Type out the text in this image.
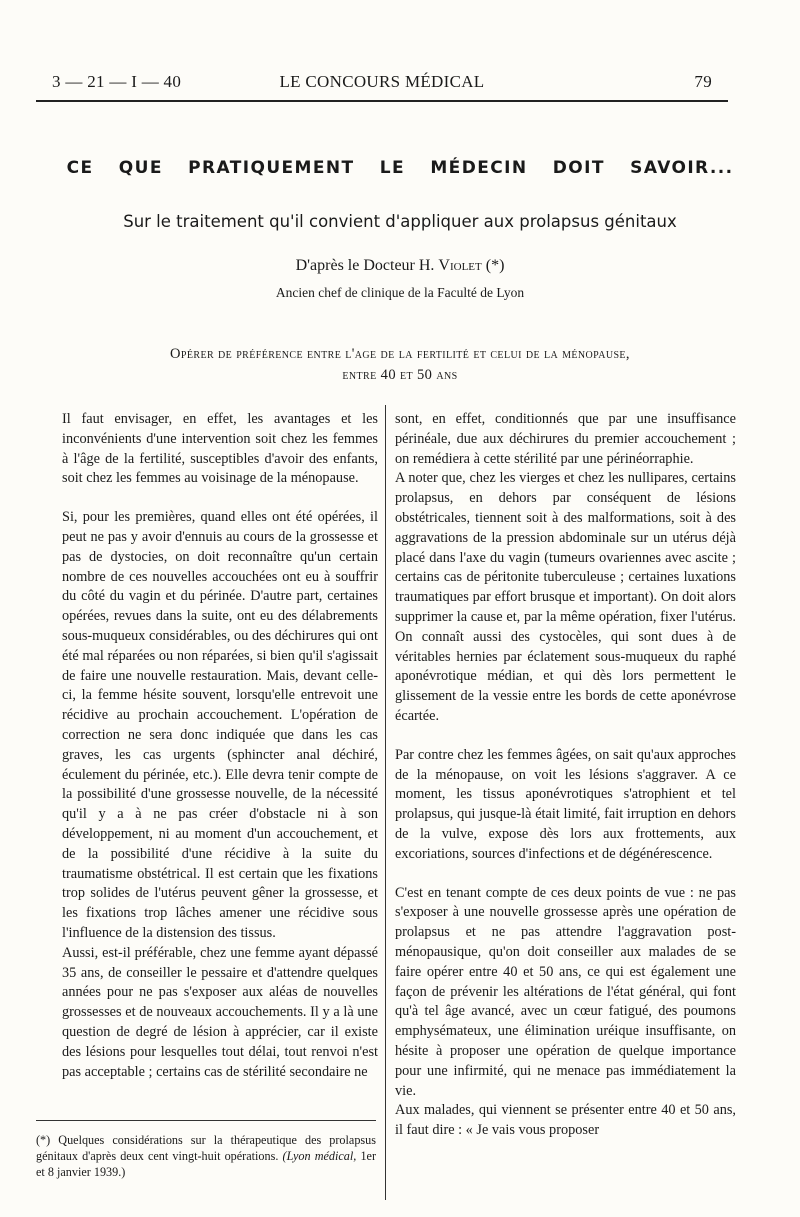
3 — 21 — I — 40	LE CONCOURS MÉDICAL	79
CE QUE PRATIQUEMENT LE MÉDECIN DOIT SAVOIR...
Sur le traitement qu'il convient d'appliquer aux prolapsus génitaux
D'après le Docteur H. Violet (*)
Ancien chef de clinique de la Faculté de Lyon
Opérer de préférence entre l'age de la fertilité et celui de la ménopause,
entre 40 et 50 ans

Il faut envisager, en effet, les avantages et les inconvénients d'une intervention soit chez les femmes à l'âge de la fertilité, susceptibles d'avoir des enfants, soit chez les femmes au voisinage de la ménopause.

Si, pour les premières, quand elles ont été opérées, il peut ne pas y avoir d'ennuis au cours de la grossesse et pas de dystocies, on doit reconnaître qu'un certain nombre de ces nouvelles accouchées ont eu à souffrir du côté du vagin et du périnée. D'autre part, certaines opérées, revues dans la suite, ont eu des délabrements sous-muqueux considérables, ou des déchirures qui ont été mal réparées ou non réparées, si bien qu'il s'agissait de faire une nouvelle restauration. Mais, devant celle-ci, la femme hésite souvent, lorsqu'elle entrevoit une récidive au prochain accouchement. L'opération de correction ne sera donc indiquée que dans les cas graves, les cas urgents (sphincter anal déchiré, éculement du périnée, etc.). Elle devra tenir compte de la possibilité d'une grossesse nouvelle, de la nécessité qu'il y a à ne pas créer d'obstacle ni à son développement, ni au moment d'un accouchement, et de la possibilité d'une récidive à la suite du traumatisme obstétrical. Il est certain que les fixations trop solides de l'utérus peuvent gêner la grossesse, et les fixations trop lâches amener une récidive sous l'influence de la distension des tissus.

Aussi, est-il préférable, chez une femme ayant dépassé 35 ans, de conseiller le pessaire et d'attendre quelques années pour ne pas s'exposer aux aléas de nouvelles grossesses et de nouveaux accouchements. Il y a là une question de degré de lésion à apprécier, car il existe des lésions pour lesquelles tout délai, tout renvoi n'est pas acceptable ; certains cas de stérilité secondaire ne

sont, en effet, conditionnés que par une insuffisance périnéale, due aux déchirures du premier accouchement ; on remédiera à cette stérilité par une périnéorraphie.

A noter que, chez les vierges et chez les nullipares, certains prolapsus, en dehors par conséquent de lésions obstétricales, tiennent soit à des malformations, soit à des aggravations de la pression abdominale sur un utérus déjà placé dans l'axe du vagin (tumeurs ovariennes avec ascite ; certains cas de péritonite tuberculeuse ; certaines luxations traumatiques par effort brusque et important). On doit alors supprimer la cause et, par la même opération, fixer l'utérus. On connaît aussi des cystocèles, qui sont dues à de véritables hernies par éclatement sous-muqueux du raphé aponévrotique médian, et qui dès lors permettent le glissement de la vessie entre les bords de cette aponévrose écartée.

Par contre chez les femmes âgées, on sait qu'aux approches de la ménopause, on voit les lésions s'aggraver. A ce moment, les tissus aponévrotiques s'atrophient et tel prolapsus, qui jusque-là était limité, fait irruption en dehors de la vulve, expose dès lors aux frottements, aux excoriations, sources d'infections et de dégénérescence.

C'est en tenant compte de ces deux points de vue : ne pas s'exposer à une nouvelle grossesse après une opération de prolapsus et ne pas attendre l'aggravation post-ménopausique, qu'on doit conseiller aux malades de se faire opérer entre 40 et 50 ans, ce qui est également une façon de prévenir les altérations de l'état général, qui font qu'à tel âge avancé, avec un cœur fatigué, des poumons emphysémateux, une élimination uréique insuffisante, on hésite à proposer une opération de quelque importance pour une infirmité, qui ne menace pas immédiatement la vie.

Aux malades, qui viennent se présenter entre 40 et 50 ans, il faut dire : « Je vais vous proposer

(*) Quelques considérations sur la thérapeutique des prolapsus génitaux d'après deux cent vingt-huit opérations. (Lyon médical, 1er et 8 janvier 1939.)
